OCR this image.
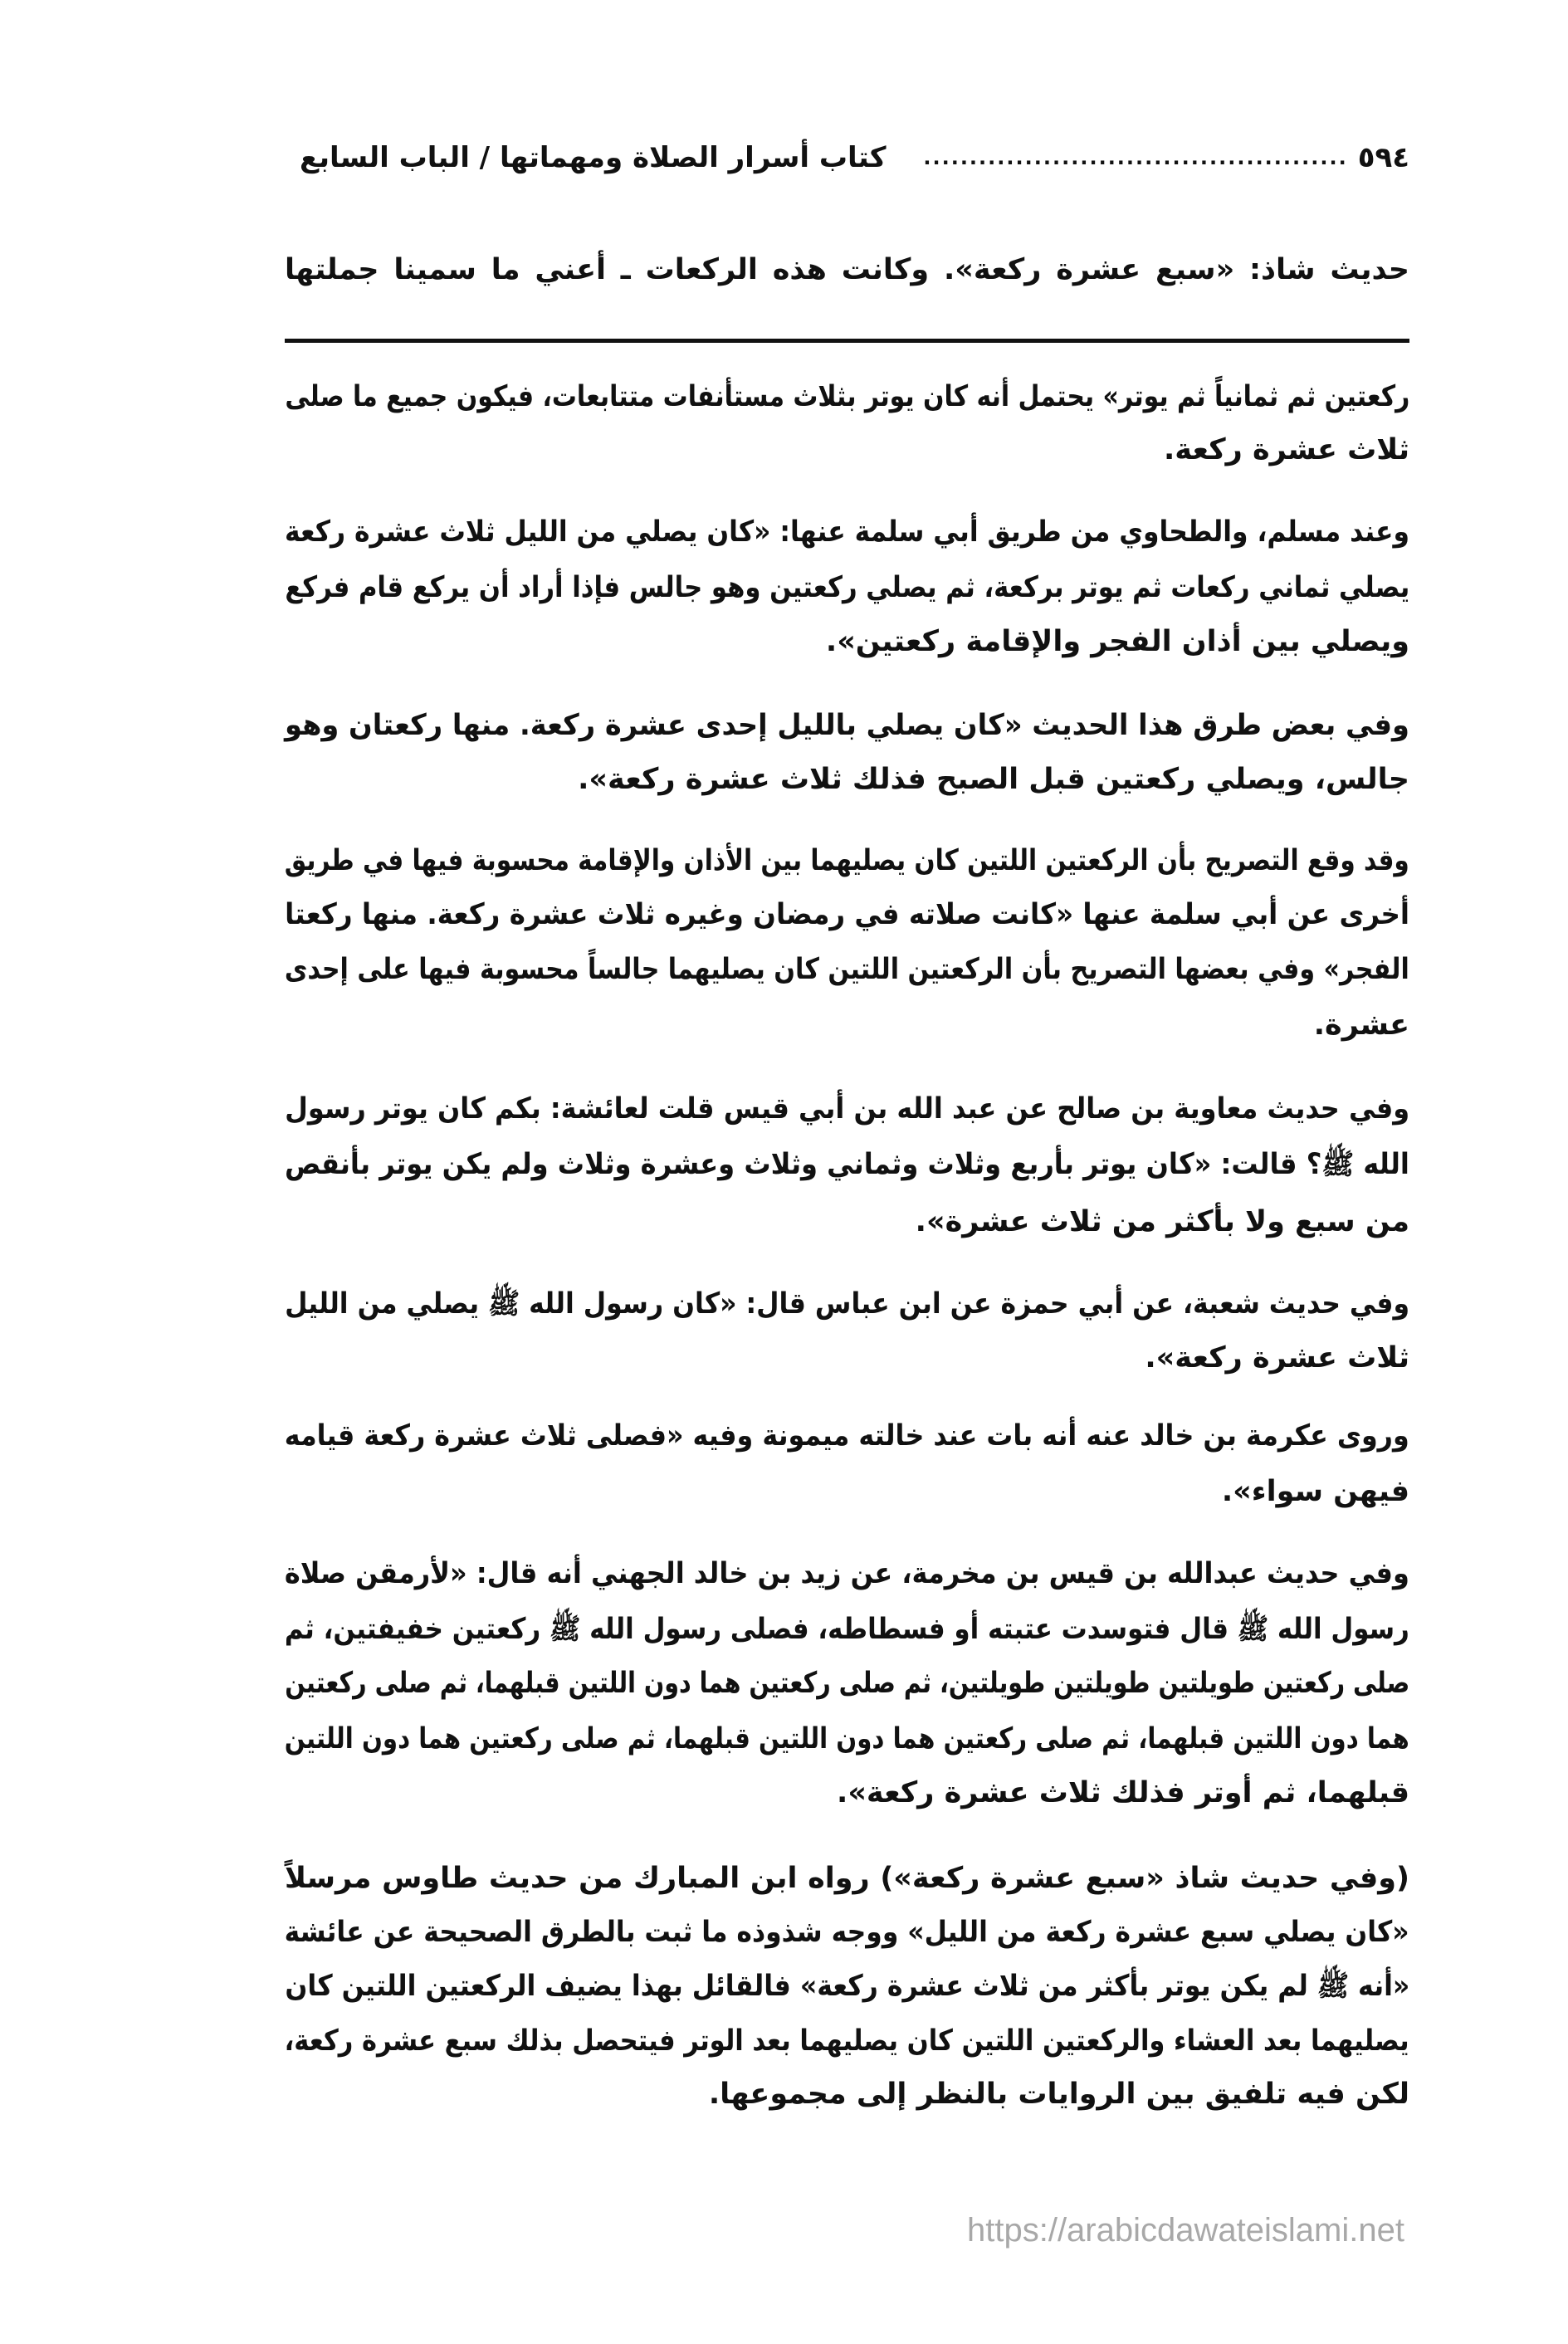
٥٩٤
..............................................
كتاب أسرار الصلاة ومهماتها / الباب السابع
حديث شاذ: «سبع عشرة ركعة». وكانت هذه الركعات ـ أعني ما سمينا جملتها
ركعتين ثم ثمانياً ثم يوتر» يحتمل أنه كان يوتر بثلاث مستأنفات متتابعات، فيكون جميع ما صلى
ثلاث عشرة ركعة.
وعند مسلم، والطحاوي من طريق أبي سلمة عنها: «كان يصلي من الليل ثلاث عشرة ركعة
يصلي ثماني ركعات ثم يوتر بركعة، ثم يصلي ركعتين وهو جالس فإذا أراد أن يركع قام فركع
ويصلي بين أذان الفجر والإقامة ركعتين».
وفي بعض طرق هذا الحديث «كان يصلي بالليل إحدى عشرة ركعة. منها ركعتان وهو
جالس، ويصلي ركعتين قبل الصبح فذلك ثلاث عشرة ركعة».
وقد وقع التصريح بأن الركعتين اللتين كان يصليهما بين الأذان والإقامة محسوبة فيها في طريق
أخرى عن أبي سلمة عنها «كانت صلاته في رمضان وغيره ثلاث عشرة ركعة. منها ركعتا
الفجر» وفي بعضها التصريح بأن الركعتين اللتين كان يصليهما جالساً محسوبة فيها على إحدى
عشرة.
وفي حديث معاوية بن صالح عن عبد الله بن أبي قيس قلت لعائشة: بكم كان يوتر رسول
الله ﷺ؟ قالت: «كان يوتر بأربع وثلاث وثماني وثلاث وعشرة وثلاث ولم يكن يوتر بأنقص
من سبع ولا بأكثر من ثلاث عشرة».
وفي حديث شعبة، عن أبي حمزة عن ابن عباس قال: «كان رسول الله ﷺ يصلي من الليل
ثلاث عشرة ركعة».
وروى عكرمة بن خالد عنه أنه بات عند خالته ميمونة وفيه «فصلى ثلاث عشرة ركعة قيامه
فيهن سواء».
وفي حديث عبدالله بن قيس بن مخرمة، عن زيد بن خالد الجهني أنه قال: «لأرمقن صلاة
رسول الله ﷺ قال فتوسدت عتبته أو فسطاطه، فصلى رسول الله ﷺ ركعتين خفيفتين، ثم
صلى ركعتين طويلتين طويلتين طويلتين، ثم صلى ركعتين هما دون اللتين قبلهما، ثم صلى ركعتين
هما دون اللتين قبلهما، ثم صلى ركعتين هما دون اللتين قبلهما، ثم صلى ركعتين هما دون اللتين
قبلهما، ثم أوتر فذلك ثلاث عشرة ركعة».
(وفي حديث شاذ «سبع عشرة ركعة») رواه ابن المبارك من حديث طاوس مرسلاً
«كان يصلي سبع عشرة ركعة من الليل» ووجه شذوذه ما ثبت بالطرق الصحيحة عن عائشة
«أنه ﷺ لم يكن يوتر بأكثر من ثلاث عشرة ركعة» فالقائل بهذا يضيف الركعتين اللتين كان
يصليهما بعد العشاء والركعتين اللتين كان يصليهما بعد الوتر فيتحصل بذلك سبع عشرة ركعة،
لكن فيه تلفيق بين الروايات بالنظر إلى مجموعها.
https://arabicdawateislami.net
